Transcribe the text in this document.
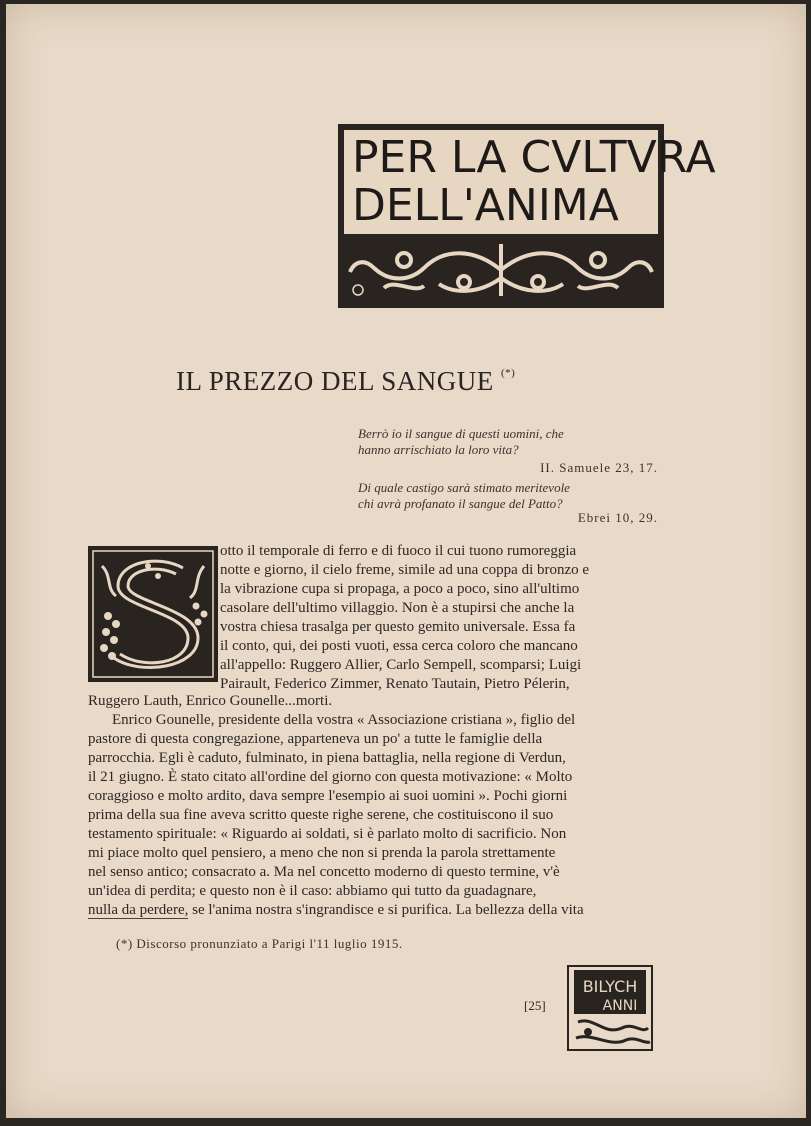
PER LA CVLTVRA
DELL'ANIMA
IL PREZZO DEL SANGUE (*)
Berrò io il sangue di questi uomini, che
hanno arrischiato la loro vita?
II. Samuele 23, 17.
Di quale castigo sarà stimato meritevole
chi avrà profanato il sangue del Patto?
Ebrei 10, 29.
otto il temporale di ferro e di fuoco il cui tuono rumoreggia
notte e giorno, il cielo freme, simile ad una coppa di bronzo e
la vibrazione cupa si propaga, a poco a poco, sino all'ultimo
casolare dell'ultimo villaggio. Non è a stupirsi che anche la
vostra chiesa trasalga per questo gemito universale. Essa fa
il conto, qui, dei posti vuoti, essa cerca coloro che mancano
all'appello: Ruggero Allier, Carlo Sempell, scomparsi; Luigi
Pairault, Federico Zimmer, Renato Tautain, Pietro Pélerin,
Ruggero Lauth, Enrico Gounelle...morti.
Enrico Gounelle, presidente della vostra « Associazione cristiana », figlio del
pastore di questa congregazione, apparteneva un po' a tutte le famiglie della
parrocchia. Egli è caduto, fulminato, in piena battaglia, nella regione di Verdun,
il 21 giugno. È stato citato all'ordine del giorno con questa motivazione: « Molto
coraggioso e molto ardito, dava sempre l'esempio ai suoi uomini ». Pochi giorni
prima della sua fine aveva scritto queste righe serene, che costituiscono il suo
testamento spirituale: « Riguardo ai soldati, si è parlato molto di sacrificio. Non
mi piace molto quel pensiero, a meno che non si prenda la parola strettamente
nel senso antico; consacrato a. Ma nel concetto moderno di questo termine, v'è
un'idea di perdita; e questo non è il caso: abbiamo qui tutto da guadagnare,
nulla da perdere, se l'anima nostra s'ingrandisce e si purifica. La bellezza della vita
(*) Discorso pronunziato a Parigi l'11 luglio 1915.
[25]
BILYCH
ANNI
